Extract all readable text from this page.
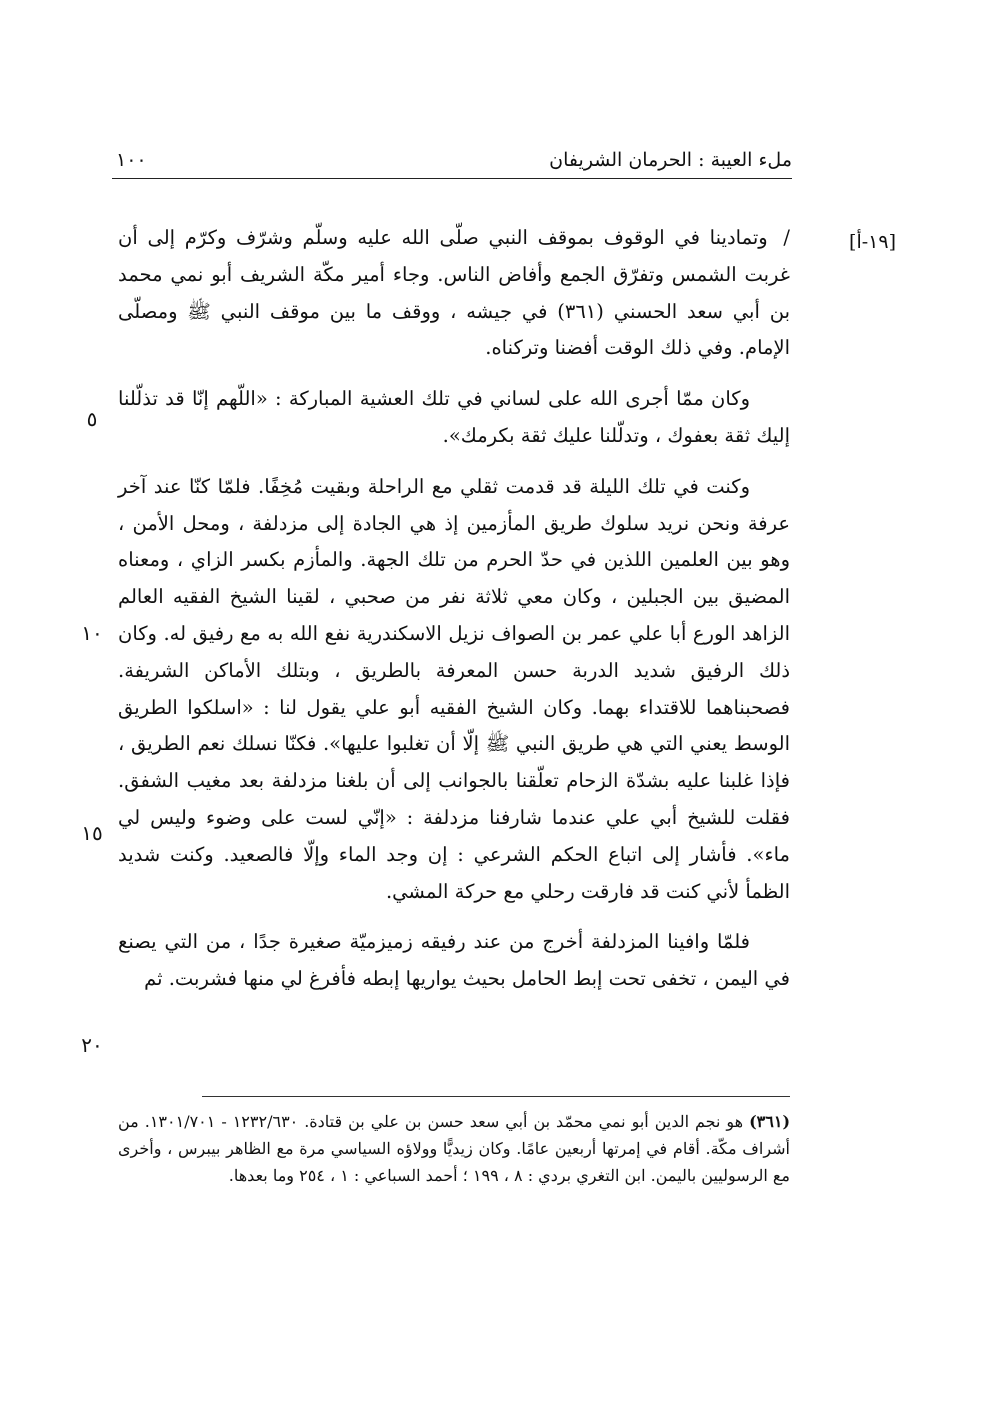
ملء العيبة : الحرمان الشريفان
١٠٠
[١٩-أ]
٥
١٠
١٥
٢٠

/ وتمادينا في الوقوف بموقف النبي صلّى الله عليه وسلّم وشرّف وكرّم إلى أن غربت الشمس وتفرّق الجمع وأفاض الناس. وجاء أمير مكّة الشريف أبو نمي محمد بن أبي سعد الحسني (٣٦١) في جيشه ، ووقف ما بين موقف النبي ﷺ ومصلّى الإمام. وفي ذلك الوقت أفضنا وتركناه.

وكان ممّا أجرى الله على لساني في تلك العشية المباركة : «اللّهم إنّا قد تذلّلنا إليك ثقة بعفوك ، وتدلّلنا عليك ثقة بكرمك».

وكنت في تلك الليلة قد قدمت ثقلي مع الراحلة وبقيت مُخِفًا. فلمّا كنّا عند آخر عرفة ونحن نريد سلوك طريق المأزمين إذ هي الجادة إلى مزدلفة ، ومحل الأمن ، وهو بين العلمين اللذين في حدّ الحرم من تلك الجهة. والمأزم بكسر الزاي ، ومعناه المضيق بين الجبلين ، وكان معي ثلاثة نفر من صحبي ، لقينا الشيخ الفقيه العالم الزاهد الورع أبا علي عمر بن الصواف نزيل الاسكندرية نفع الله به مع رفيق له. وكان ذلك الرفيق شديد الدربة حسن المعرفة بالطريق ، وبتلك الأماكن الشريفة. فصحبناهما للاقتداء بهما. وكان الشيخ الفقيه أبو علي يقول لنا : «اسلكوا الطريق الوسط يعني التي هي طريق النبي ﷺ إلّا أن تغلبوا عليها». فكنّا نسلك نعم الطريق ، فإذا غلبنا عليه بشدّة الزحام تعلّقنا بالجوانب إلى أن بلغنا مزدلفة بعد مغيب الشفق. فقلت للشيخ أبي علي عندما شارفنا مزدلفة : «إنّي لست على وضوء وليس لي ماء». فأشار إلى اتباع الحكم الشرعي : إن وجد الماء وإلّا فالصعيد. وكنت شديد الظمأ لأني كنت قد فارقت رحلي مع حركة المشي.

فلمّا وافينا المزدلفة أخرج من عند رفيقه زميزميّة صغيرة جدًا ، من التي يصنع في اليمن ، تخفى تحت إبط الحامل بحيث يواريها إبطه فأفرغ لي منها فشربت. ثم

(٣٦١) هو نجم الدين أبو نمي محمّد بن أبي سعد حسن بن علي بن قتادة. ١٢٣٢/٦٣٠ - ١٣٠١/٧٠١. من أشراف مكّة. أقام في إمرتها أربعين عامًا. وكان زيديًّا وولاؤه السياسي مرة مع الظاهر بيبرس ، وأخرى مع الرسوليين باليمن. ابن التغري بردي : ٨ ، ١٩٩ ؛ أحمد السباعي : ١ ، ٢٥٤ وما بعدها.
